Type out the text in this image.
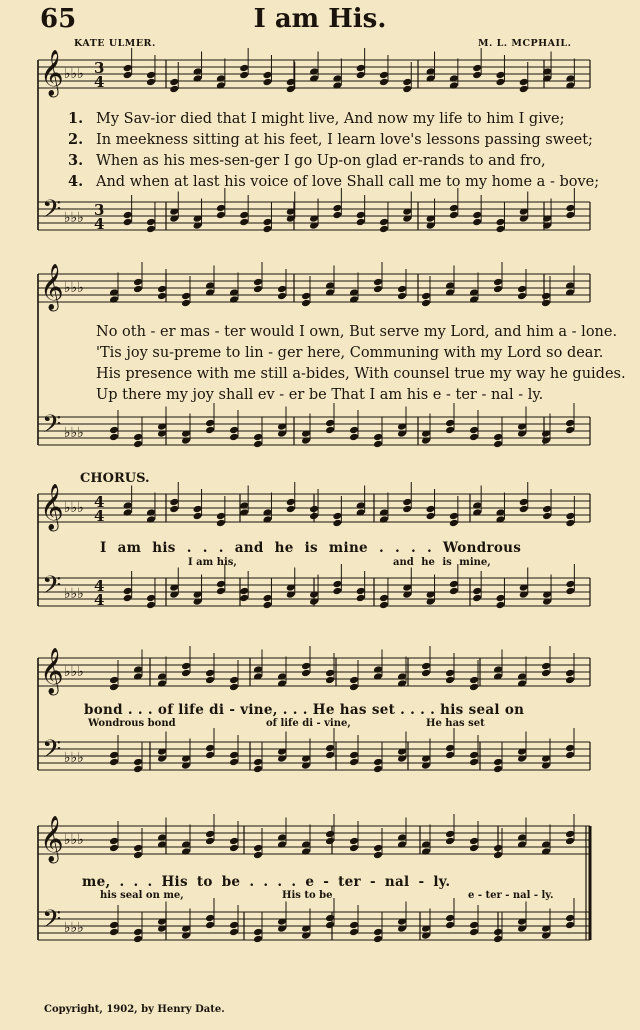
65	I am His.
KATE ULMER.	M. L. MCPHAIL.
𝄞
𝄢
♭♭♭
♭♭♭
3
4
3
4
𝄞
𝄢
♭♭♭
♭♭♭
𝄞
𝄢
♭♭♭
♭♭♭
4
4
4
4
𝄞
𝄢
♭♭♭
♭♭♭
𝄞
𝄢
♭♭♭
♭♭♭
1. My Sav-ior died that I might live, And now my life to him I give;
2. In meekness sitting at his feet, I learn love's lessons passing sweet;
3. When as his mes-sen-ger I go Up-on glad er-rands to and fro,
4. And when at last his voice of love Shall call me to my home a - bove;
No oth - er mas - ter would I own, But serve my Lord, and him a - lone.
'Tis joy su-preme to lin - ger here, Communing with my Lord so dear.
His presence with me still a-bides, With counsel true my way he guides.
Up there my joy shall ev - er be That I am his e - ter - nal - ly.
CHORUS.
I am his . . . and he is mine . . . . Wondrous
I am his,	and he is mine,
bond . . . of life di - vine, . . . He has set . . . . his seal on
Wondrous bond	of life di - vine,	He has set
me, . . . His to be . . . . e - ter - nal - ly.
his seal on me,	His to be	e - ter - nal - ly.
Copyright, 1902, by Henry Date.
